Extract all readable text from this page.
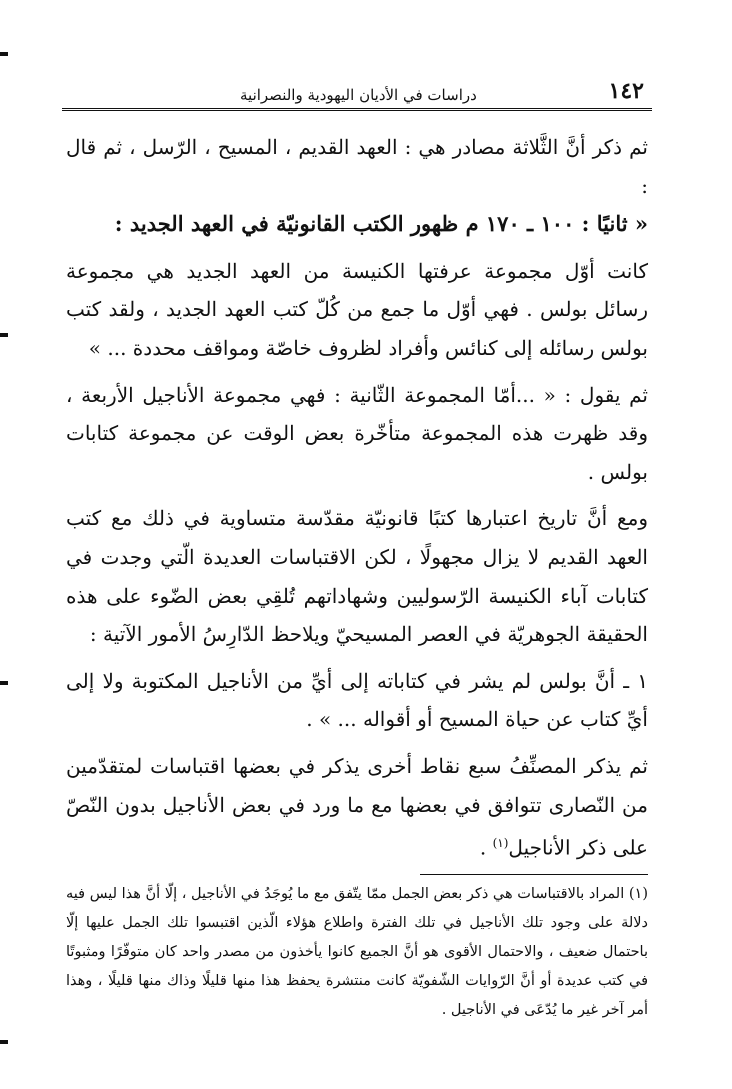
١٤٢
دراسات في الأديان اليهودية والنصرانية

ثم ذكر أنَّ الثَّلاثة مصادر هي : العهد القديم ، المسيح ، الرّسل ، ثم قال :

« ثانيًا : ١٠٠ ـ ١٧٠ م ظهور الكتب القانونيّة في العهد الجديد :

كانت أوّل مجموعة عرفتها الكنيسة من العهد الجديد هي مجموعة رسائل بولس . فهي أوّل ما جمع من كُلّ كتب العهد الجديد ، ولقد كتب بولس رسائله إلى كنائس وأفراد لظروف خاصّة ومواقف محددة ... »

ثم يقول : « ...أمّا المجموعة الثّانية : فهي مجموعة الأناجيل الأربعة ، وقد ظهرت هذه المجموعة متأخّرة بعض الوقت عن مجموعة كتابات بولس .

ومع أنَّ تاريخ اعتبارها كتبًا قانونيّة مقدّسة متساوية في ذلك مع كتب العهد القديم لا يزال مجهولًا ، لكن الاقتباسات العديدة الّتي وجدت في كتابات آباء الكنيسة الرّسوليين وشهاداتهم تُلقِي بعض الضّوء على هذه الحقيقة الجوهريّة في العصر المسيحيّ ويلاحظ الدّارِسُ الأمور الآتية :

١ ـ أنَّ بولس لم يشر في كتاباته إلى أيِّ من الأناجيل المكتوبة ولا إلى أيِّ كتاب عن حياة المسيح أو أقواله ... » .

ثم يذكر المصنِّفُ سبع نقاط أخرى يذكر في بعضها اقتباسات لمتقدّمين من النّصارى تتوافق في بعضها مع ما ورد في بعض الأناجيل بدون النّصّ على ذكر الأناجيل$^{(١)}$ .

(١) المراد بالاقتباسات هي ذكر بعض الجمل ممّا يتّفق مع ما يُوجَدُ في الأناجيل ، إلّا أنَّ هذا ليس فيه دلالة على وجود تلك الأناجيل في تلك الفترة واطلاع هؤلاء الّذين اقتبسوا تلك الجمل عليها إلّا باحتمال ضعيف ، والاحتمال الأقوى هو أنَّ الجميع كانوا يأخذون من مصدر واحد كان متوفّرًا ومثبوتًا في كتب عديدة أو أنَّ الرّوايات الشّفويّة كانت منتشرة يحفظ هذا منها قليلًا وذاك منها قليلًا ، وهذا أمر آخر غير ما يُدّعَى في الأناجيل .
